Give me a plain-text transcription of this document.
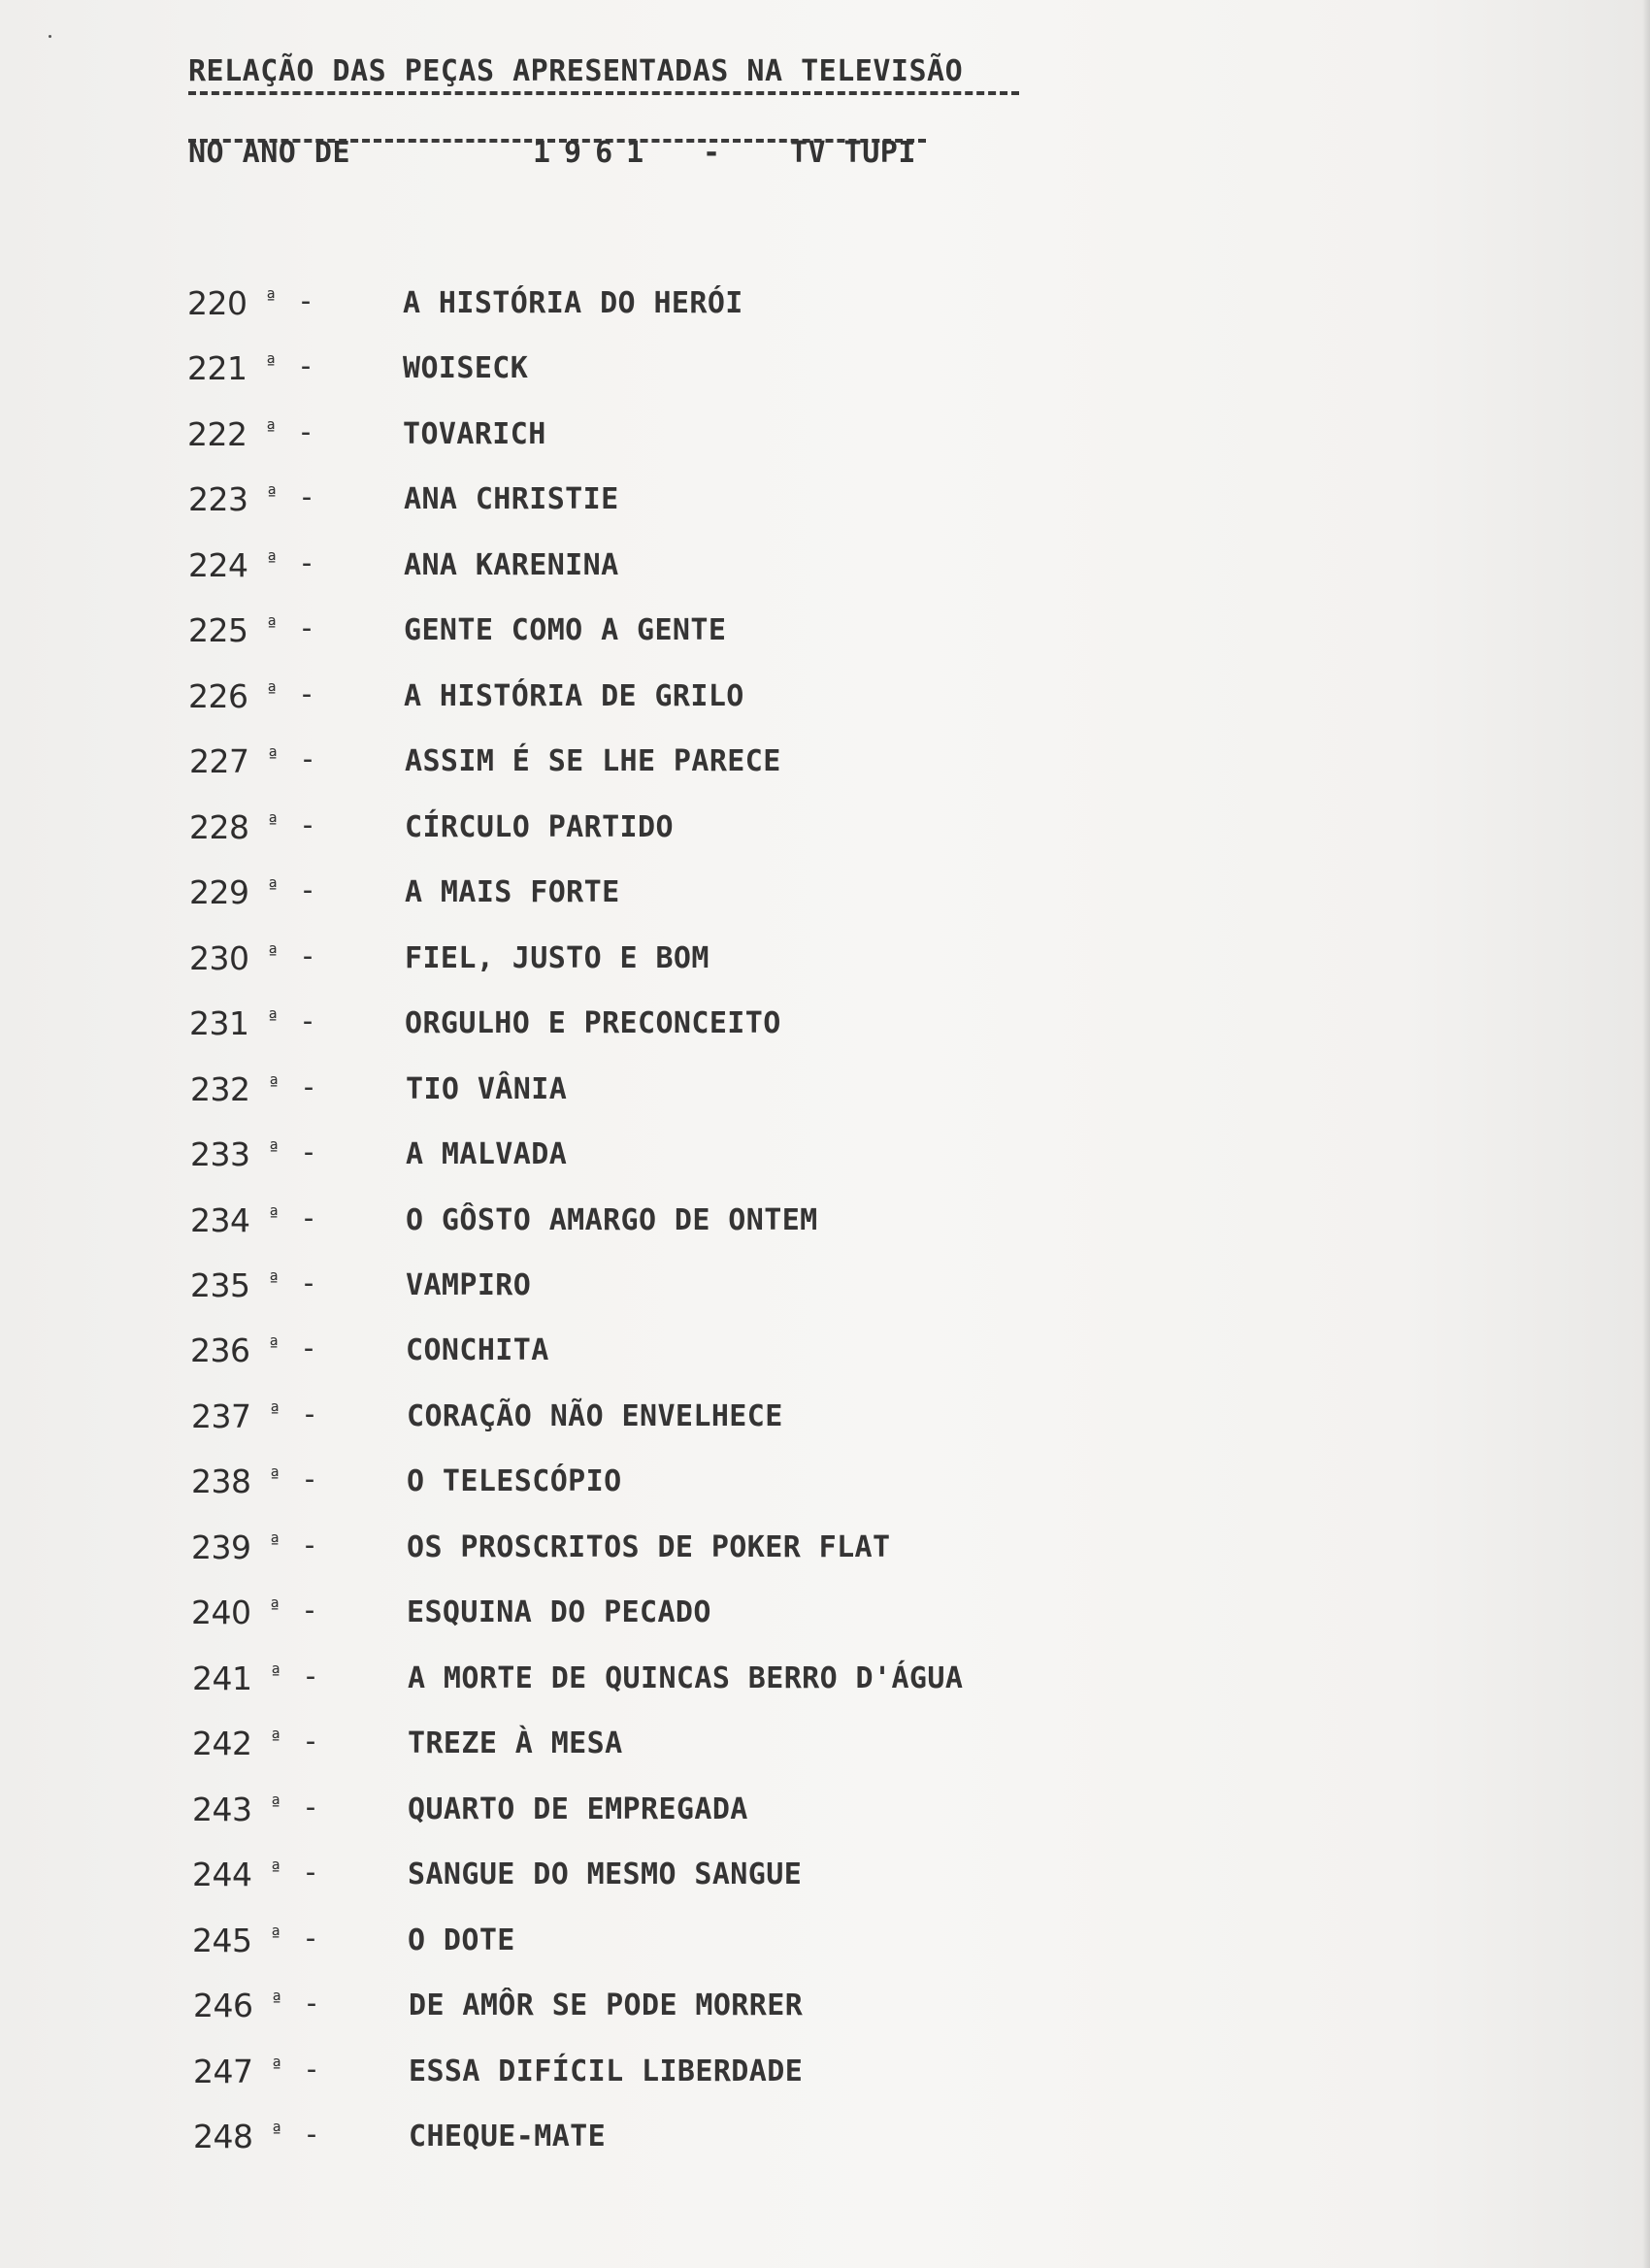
RELAÇÃO DAS PEÇAS APRESENTADAS NA TELEVISÃO
NO ANO DE	1961 - TV TUPI
220 ª -	A HISTÓRIA DO HERÓI
221 ª -	WOISECK
222 ª -	TOVARICH
223 ª -	ANA CHRISTIE
224 ª -	ANA KARENINA
225 ª -	GENTE COMO A GENTE
226 ª -	A HISTÓRIA DE GRILO
227 ª -	ASSIM É SE LHE PARECE
228 ª -	CÍRCULO PARTIDO
229 ª -	A MAIS FORTE
230 ª -	FIEL, JUSTO E BOM
231 ª -	ORGULHO E PRECONCEITO
232 ª -	TIO VÂNIA
233 ª -	A MALVADA
234 ª -	O GÔSTO AMARGO DE ONTEM
235 ª -	VAMPIRO
236 ª -	CONCHITA
237 ª -	CORAÇÃO NÃO ENVELHECE
238 ª -	O TELESCÓPIO
239 ª -	OS PROSCRITOS DE POKER FLAT
240 ª -	ESQUINA DO PECADO
241 ª -	A MORTE DE QUINCAS BERRO D'ÁGUA
242 ª -	TREZE À MESA
243 ª -	QUARTO DE EMPREGADA
244 ª -	SANGUE DO MESMO SANGUE
245 ª -	O DOTE
246 ª -	DE AMÔR SE PODE MORRER
247 ª -	ESSA DIFÍCIL LIBERDADE
248 ª -	CHEQUE-MATE
